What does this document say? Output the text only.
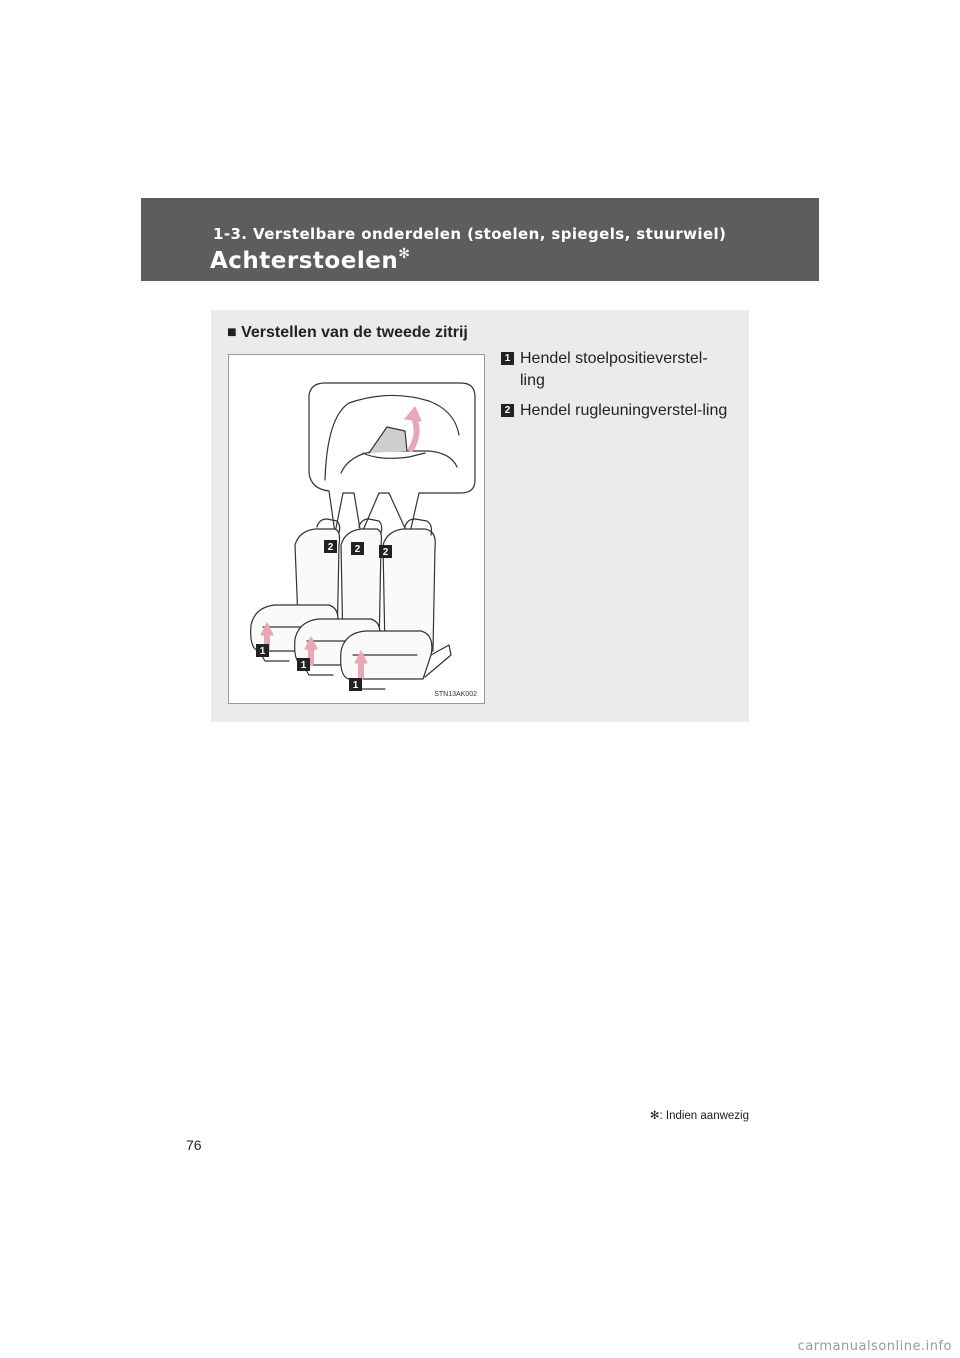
1-3. Verstelbare onderdelen (stoelen, spiegels, stuurwiel)
Achterstoelen✻
■ Verstellen van de tweede zitrij
2 2 2
1
1
1
STN13AK002
1 Hendel stoelpositieverstel-ling
2 Hendel rugleuningverstel-ling
✻: Indien aanwezig
76
carmanualsonline.info
